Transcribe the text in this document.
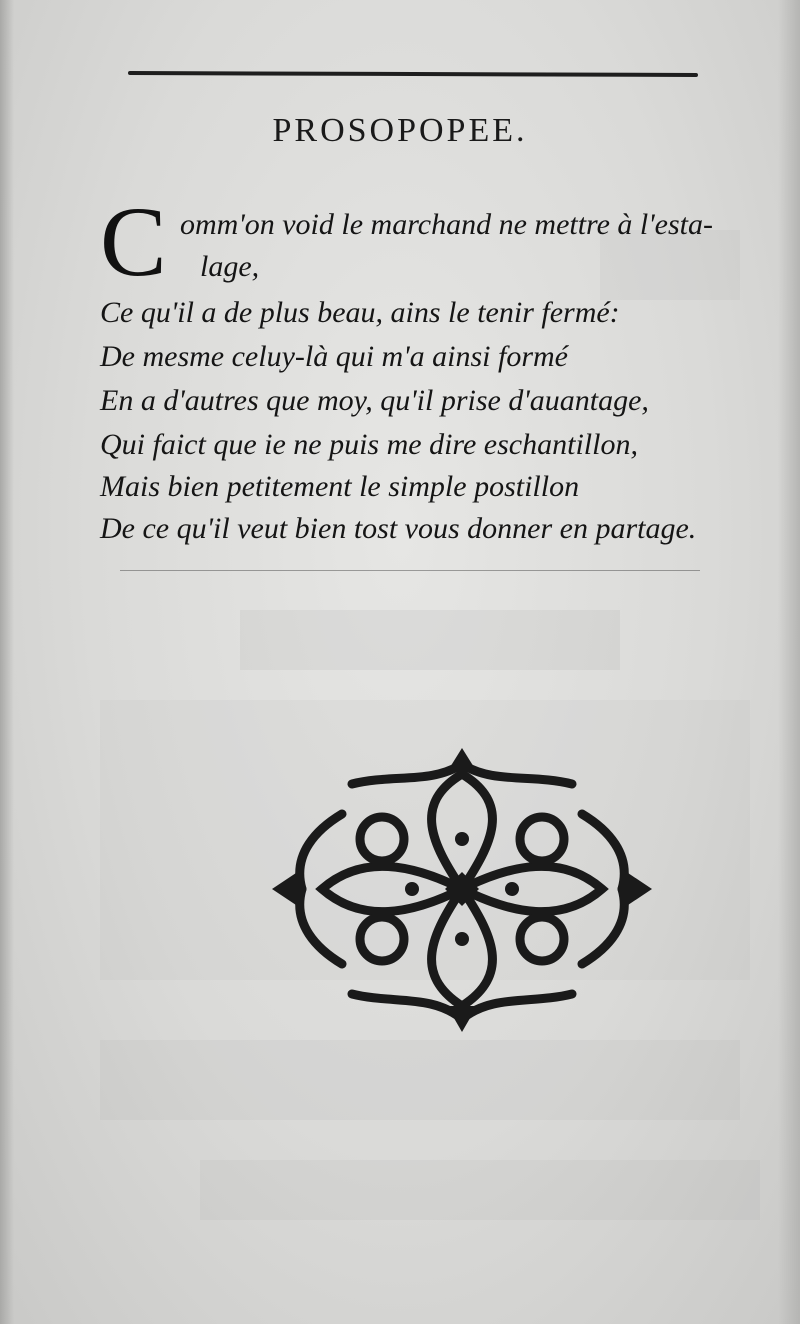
PROSOPOPEE.
C omm'on void le marchand ne mettre à l'esta-
lage,
Ce qu'il a de plus beau, ains le tenir fermé:
De mesme celuy-là qui m'a ainsi formé
En a d'autres que moy, qu'il prise d'auantage,
Qui faict que ie ne puis me dire eschantillon,
Mais bien petitement le simple postillon
De ce qu'il veut bien tost vous donner en partage.
